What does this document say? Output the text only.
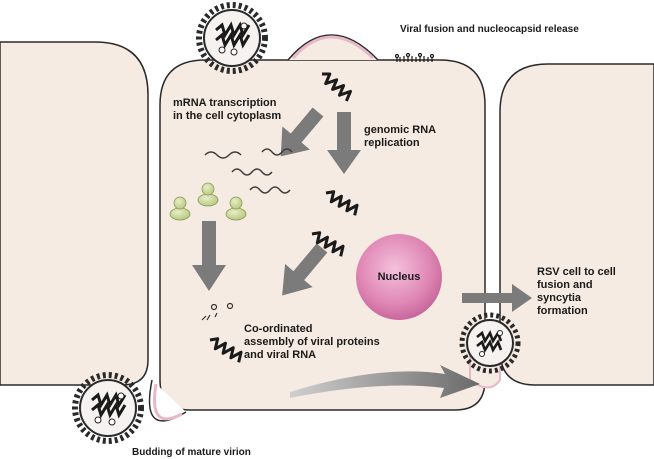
Viral fusion and nucleocapsid release
mRNA transcription
in the cell cytoplasm
genomic RNA
replication
Nucleus	RSV cell to cell
fusion and
syncytia
formation
Co-ordinated
assembly of viral proteins
and viral RNA
Budding of mature virion
